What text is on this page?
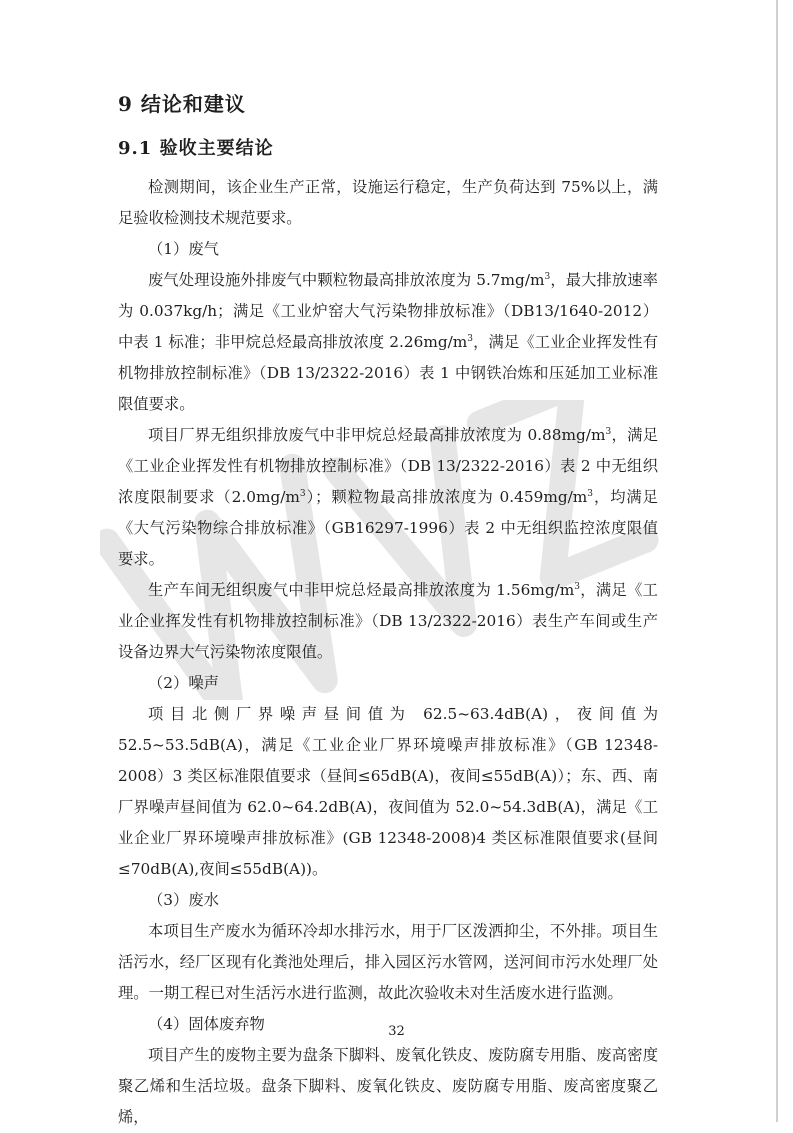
9 结论和建议
9.1 验收主要结论

检测期间，该企业生产正常，设施运行稳定，生产负荷达到 75%以上，满足验收检测技术规范要求。

（1）废气

废气处理设施外排废气中颗粒物最高排放浓度为 $5.7mg/m^3$，最大排放速率为 0.037kg/h；满足《工业炉窑大气污染物排放标准》（DB13/1640-2012）中表 1 标准；非甲烷总烃最高排放浓度 $2.26mg/m^3$，满足《工业企业挥发性有机物排放控制标准》（DB 13/2322-2016）表 1 中钢铁冶炼和压延加工业标准限值要求。

项目厂界无组织排放废气中非甲烷总烃最高排放浓度为 $0.88mg/m^3$，满足《工业企业挥发性有机物排放控制标准》（DB 13/2322-2016）表 2 中无组织浓度限制要求$(2.0mg/m^3)$；颗粒物最高排放浓度为 $0.459mg/m^3$，均满足《大气污染物综合排放标准》（GB16297-1996）表 2 中无组织监控浓度限值要求。

生产车间无组织废气中非甲烷总烃最高排放浓度为 $1.56mg/m^3$，满足《工业企业挥发性有机物排放控制标准》（DB 13/2322-2016）表生产车间或生产设备边界大气污染物浓度限值。

（2）噪声

项目北侧厂界噪声昼间值为 62.5~63.4dB(A)，夜间值为 52.5~53.5dB(A)，满足《工业企业厂界环境噪声排放标准》（GB 12348-2008）3 类区标准限值要求（昼间≤65dB(A)，夜间≤55dB(A)）；东、西、南厂界噪声昼间值为 62.0~64.2dB(A)，夜间值为 52.0~54.3dB(A)，满足《工业企业厂界环境噪声排放标准》(GB 12348-2008)4 类区标准限值要求(昼间≤70dB(A),夜间≤55dB(A))。

（3）废水

本项目生产废水为循环冷却水排污水，用于厂区泼洒抑尘，不外排。项目生活污水，经厂区现有化粪池处理后，排入园区污水管网，送河间市污水处理厂处理。一期工程已对生活污水进行监测，故此次验收未对生活废水进行监测。

（4）固体废弃物

项目产生的废物主要为盘条下脚料、废氧化铁皮、废防腐专用脂、废高密度聚乙烯和生活垃圾。盘条下脚料、废氧化铁皮、废防腐专用脂、废高密度聚乙烯，

32
